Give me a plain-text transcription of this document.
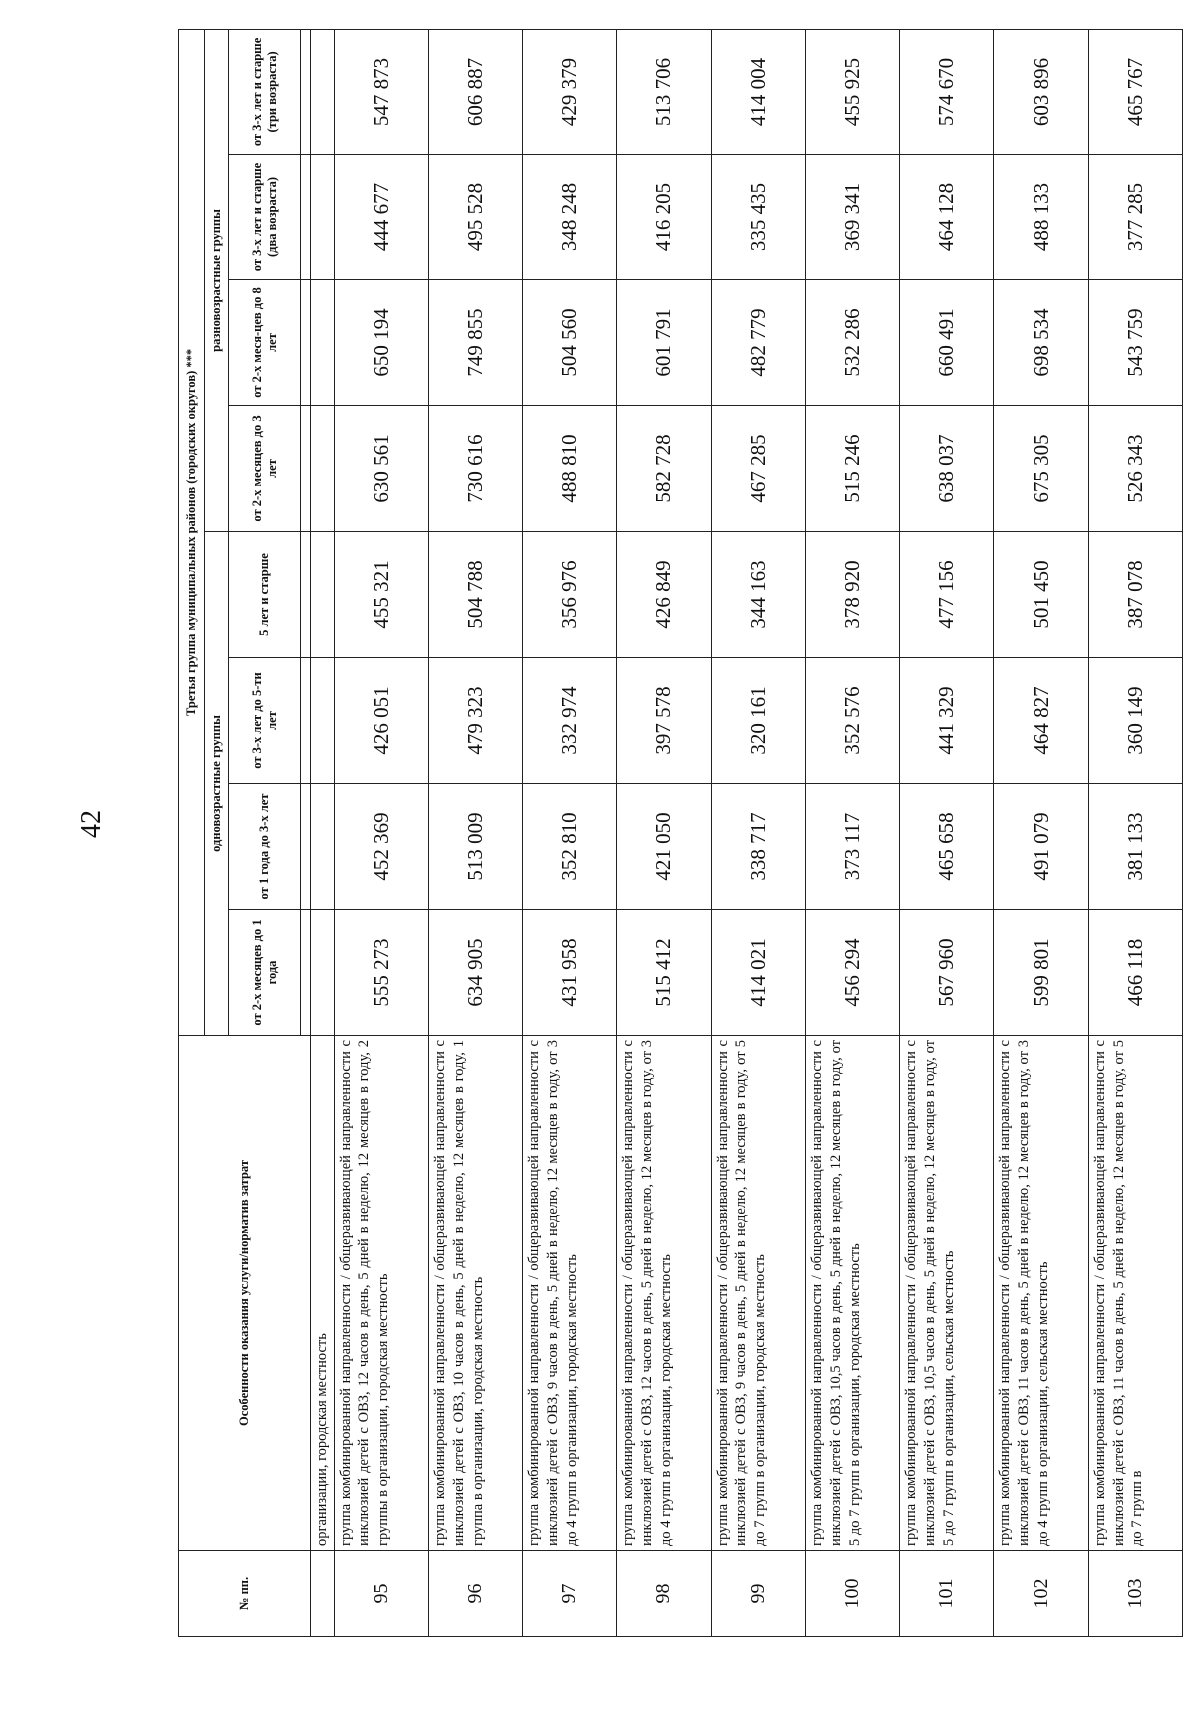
42
№ пп.	Особенности оказания услуги/норматив затрат	Третья группа муниципальных районов (городских округов) ***							
		одновозрастные группы				разновозрастные группы			
		от 2-х месяцев до 1 года	от 1 года до 3-х лет	от 3-х лет до 5-ти лет	5 лет и старше	от 2-х месяцев до 3 лет	от 2-х меся-цев до 8 лет	от 3-х лет и старше (два возраста)	от 3-х лет и старше (три возраста)

	организации, городская местность								
95	группа комбинированной направленности / общеразвивающей направленности с инклюзией детей с ОВЗ, 12 часов в день, 5 дней в неделю, 12 месяцев в году, 2 группы в организации, городская местность	555 273	452 369	426 051	455 321	630 561	650 194	444 677	547 873
96	группа комбинированной направленности / общеразвивающей направленности с инклюзией детей с ОВЗ, 10 часов в день, 5 дней в неделю, 12 месяцев в году, 1 группа в организации, городская местность	634 905	513 009	479 323	504 788	730 616	749 855	495 528	606 887
97	группа комбинированной направленности / общеразвивающей направленности с инклюзией детей с ОВЗ, 9 часов в день, 5 дней в неделю, 12 месяцев в году, от 3 до 4 групп в организации, городская местность	431 958	352 810	332 974	356 976	488 810	504 560	348 248	429 379
98	группа комбинированной направленности / общеразвивающей направленности с инклюзией детей с ОВЗ, 12 часов в день, 5 дней в неделю, 12 месяцев в году, от 3 до 4 групп в организации, городская местность	515 412	421 050	397 578	426 849	582 728	601 791	416 205	513 706
99	группа комбинированной направленности / общеразвивающей направленности с инклюзией детей с ОВЗ, 9 часов в день, 5 дней в неделю, 12 месяцев в году, от 5 до 7 групп в организации, городская местность	414 021	338 717	320 161	344 163	467 285	482 779	335 435	414 004
100	группа комбинированной направленности / общеразвивающей направленности с инклюзией детей с ОВЗ, 10,5 часов в день, 5 дней в неделю, 12 месяцев в году, от 5 до 7 групп в организации, городская местность	456 294	373 117	352 576	378 920	515 246	532 286	369 341	455 925
101	группа комбинированной направленности / общеразвивающей направленности с инклюзией детей с ОВЗ, 10,5 часов в день, 5 дней в неделю, 12 месяцев в году, от 5 до 7 групп в организации, сельская местность	567 960	465 658	441 329	477 156	638 037	660 491	464 128	574 670
102	группа комбинированной направленности / общеразвивающей направленности с инклюзией детей с ОВЗ, 11 часов в день, 5 дней в неделю, 12 месяцев в году, от 3 до 4 групп в организации, сельская местность	599 801	491 079	464 827	501 450	675 305	698 534	488 133	603 896
103	группа комбинированной направленности / общеразвивающей направленности с инклюзией детей с ОВЗ, 11 часов в день, 5 дней в неделю, 12 месяцев в году, от 5 до 7 групп в	466 118	381 133	360 149	387 078	526 343	543 759	377 285	465 767
